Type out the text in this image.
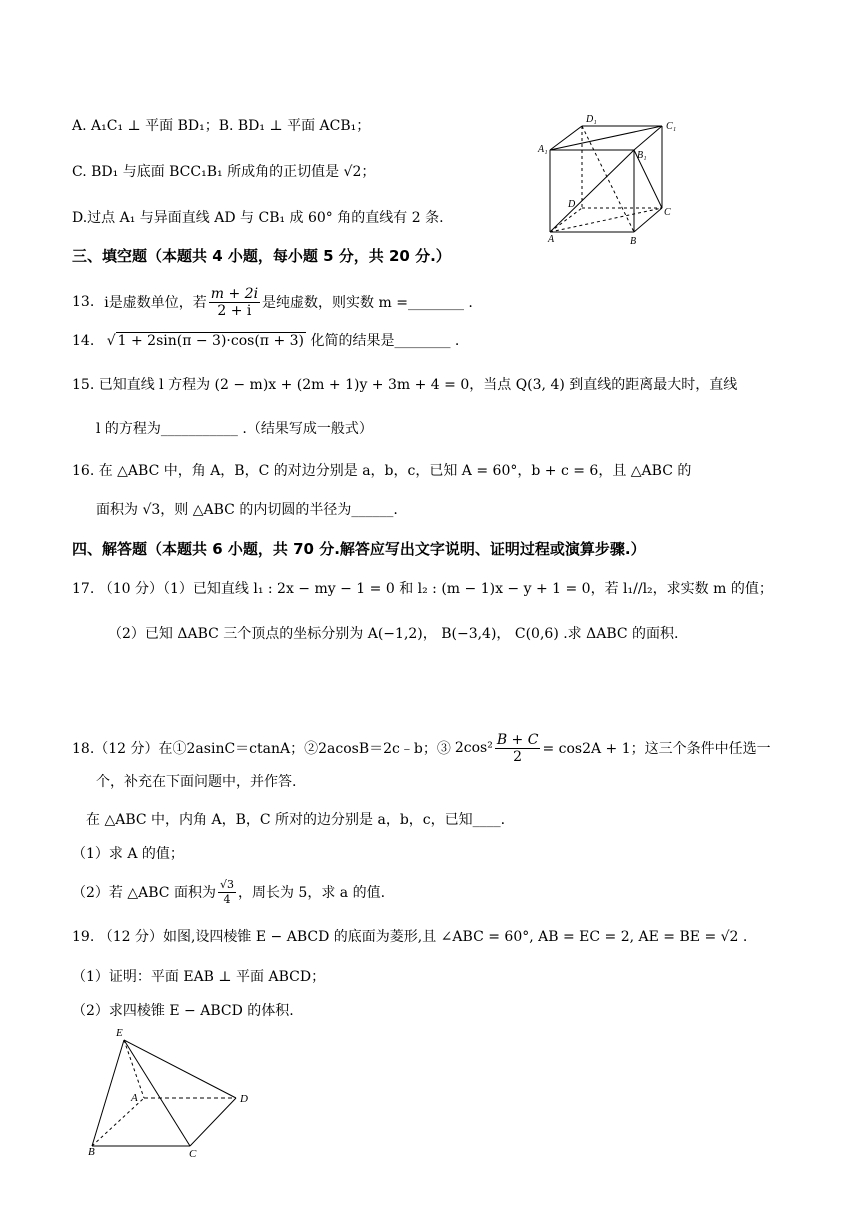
A. A₁C₁ ⊥ 平面 BD₁；B. BD₁ ⊥ 平面 ACB₁；
C. BD₁ 与底面 BCC₁B₁ 所成角的正切值是 √2；
D.过点 A₁ 与异面直线 AD 与 CB₁ 成 60° 角的直线有 2 条.
D₁
C₁
A₁
B₁
D
C
A	B
三、填空题（本题共 4 小题，每小题 5 分，共 20 分.）
13. i是虚数单位，若 $\frac{m + 2i}{2 + i}$ 是纯虚数，则实数 m =________ .
14. √ 1 + 2sin(π − 3)·cos(π + 3) 化简的结果是________ .
15. 已知直线 l 方程为 (2 − m)x + (2m + 1)y + 3m + 4 = 0，当点 Q(3, 4) 到直线的距离最大时，直线
l 的方程为___________ .（结果写成一般式）
16. 在 △ABC 中，角 A，B，C 的对边分别是 a，b，c，已知 A = 60°，b + c = 6，且 △ABC 的
面积为 √3，则 △ABC 的内切圆的半径为______.
四、解答题（本题共 6 小题，共 70 分.解答应写出文字说明、证明过程或演算步骤.）
17. （10 分）（1）已知直线 l₁ : 2x − my − 1 = 0 和 l₂ : (m − 1)x − y + 1 = 0，若 l₁//l₂，求实数 m 的值；
（2）已知 ΔABC 三个顶点的坐标分别为 A(−1,2)， B(−3,4)， C(0,6) .求 ΔABC 的面积.
18.（12 分）在①2asinC＝ctanA；②2acosB＝2c﹣b；③ $2\cos^2 \frac{B + C}{2} = \cos 2A + 1$；这三个条件中任选一
个，补充在下面问题中，并作答.
在 △ABC 中，内角 A，B，C 所对的边分别是 a，b，c，已知____.
（1）求 A 的值；
（2）若 △ABC 面积为 $\frac{√3}{4}$ ，周长为 5，求 a 的值.
19. （12 分）如图,设四棱锥 E − ABCD 的底面为菱形,且 ∠ABC = 60°, AB = EC = 2, AE = BE = √2 .
（1）证明：平面 EAB ⊥ 平面 ABCD；
（2）求四棱锥 E − ABCD 的体积.
E
A	D
B	C
